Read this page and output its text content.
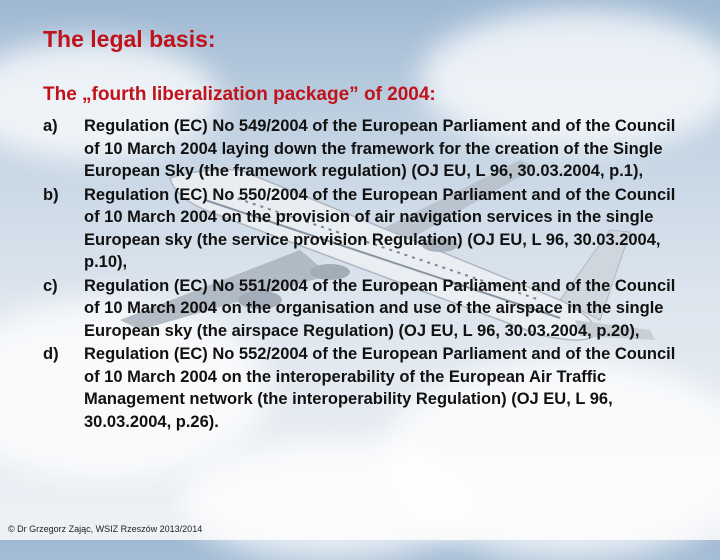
The legal basis:
The „fourth liberalization package” of 2004:
a)	Regulation (EC) No 549/2004 of the European Parliament and of the Council of 10 March 2004 laying down the framework for the creation of the Single European Sky (the framework regulation) (OJ EU, L 96, 30.03.2004, p.1),
b)	Regulation (EC) No 550/2004 of the European Parliament and of the Council of 10 March 2004 on the provision of air navigation services in the single European sky (the service provision Regulation) (OJ EU, L 96, 30.03.2004, p.10),
c)	Regulation (EC) No 551/2004 of the European Parliament and of the Council of 10 March 2004 on the organisation and use of the airspace in the single European sky (the airspace Regulation) (OJ EU, L 96, 30.03.2004, p.20),
d)	Regulation (EC) No 552/2004 of the European Parliament and of the Council of 10 March 2004 on the interoperability of the European Air Traffic Management network (the interoperability Regulation) (OJ EU, L 96, 30.03.2004, p.26).
© Dr Grzegorz Zając, WSIZ Rzeszów 2013/2014
